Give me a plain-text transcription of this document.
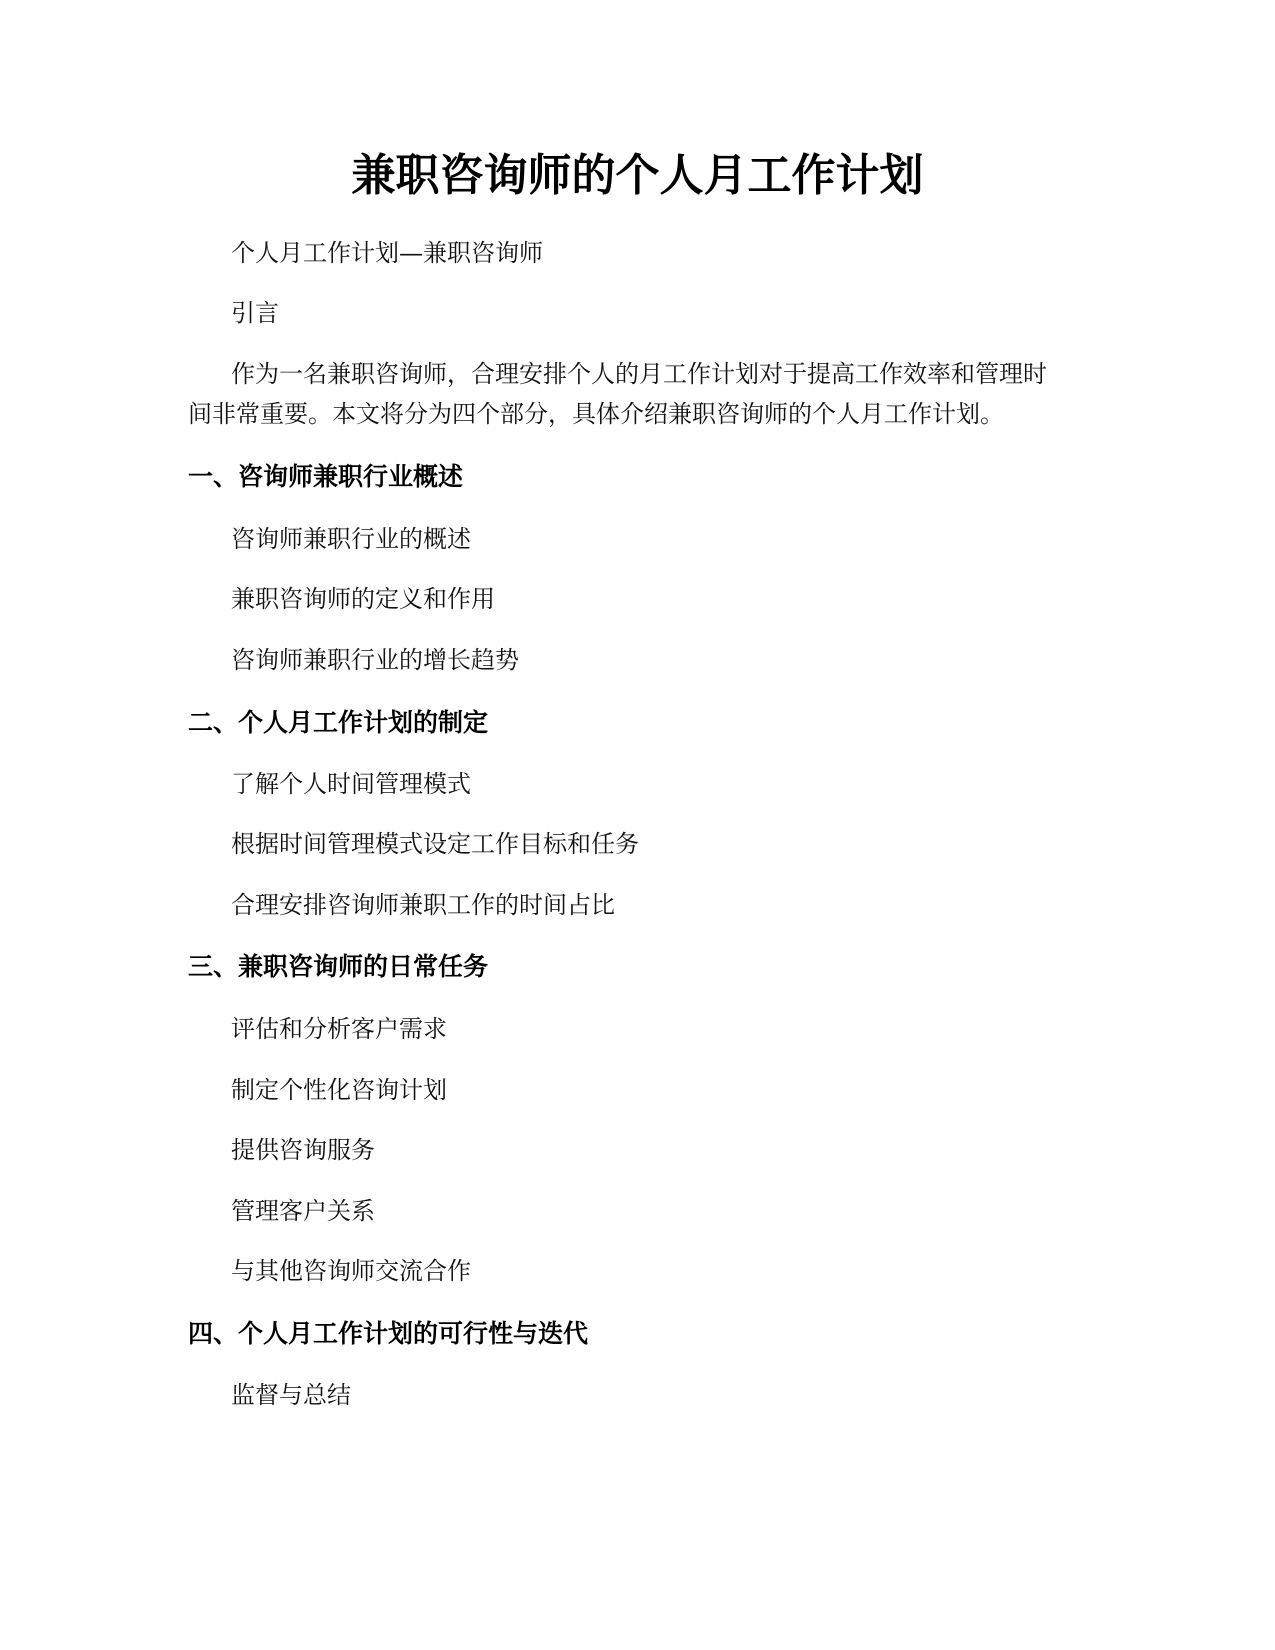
兼职咨询师的个人月工作计划

个人月工作计划—兼职咨询师

引言

作为一名兼职咨询师，合理安排个人的月工作计划对于提高工作效率和管理时

间非常重要。本文将分为四个部分，具体介绍兼职咨询师的个人月工作计划。

一、咨询师兼职行业概述

咨询师兼职行业的概述

兼职咨询师的定义和作用

咨询师兼职行业的增长趋势

二、个人月工作计划的制定

了解个人时间管理模式

根据时间管理模式设定工作目标和任务

合理安排咨询师兼职工作的时间占比

三、兼职咨询师的日常任务

评估和分析客户需求

制定个性化咨询计划

提供咨询服务

管理客户关系

与其他咨询师交流合作

四、个人月工作计划的可行性与迭代

监督与总结
